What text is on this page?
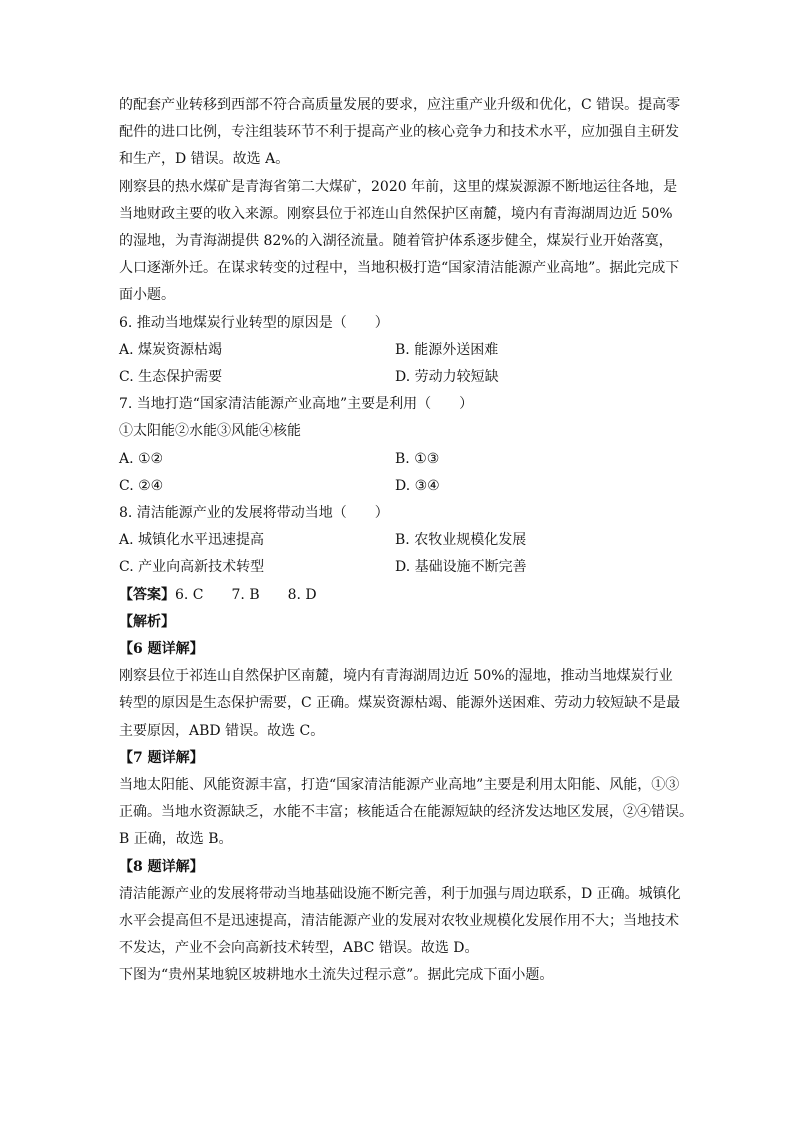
的配套产业转移到西部不符合高质量发展的要求，应注重产业升级和优化，C 错误。提高零
配件的进口比例，专注组装环节不利于提高产业的核心竞争力和技术水平，应加强自主研发
和生产，D 错误。故选 A。
刚察县的热水煤矿是青海省第二大煤矿，2020 年前，这里的煤炭源源不断地运往各地，是
当地财政主要的收入来源。刚察县位于祁连山自然保护区南麓，境内有青海湖周边近 50%
的湿地，为青海湖提供 82%的入湖径流量。随着管护体系逐步健全，煤炭行业开始落寞，
人口逐渐外迁。在谋求转变的过程中，当地积极打造“国家清洁能源产业高地”。据此完成下
面小题。
6. 推动当地煤炭行业转型的原因是（　　）
A. 煤炭资源枯竭	B. 能源外送困难
C. 生态保护需要	D. 劳动力较短缺
7. 当地打造“国家清洁能源产业高地”主要是利用（　　）
①太阳能②水能③风能④核能
A. ①②	B. ①③
C. ②④	D. ③④
8. 清洁能源产业的发展将带动当地（　　）
A. 城镇化水平迅速提高	B. 农牧业规模化发展
C. 产业向高新技术转型	D. 基础设施不断完善
【答案】6. C　　7. B　　8. D
【解析】
【6 题详解】
刚察县位于祁连山自然保护区南麓，境内有青海湖周边近 50%的湿地，推动当地煤炭行业
转型的原因是生态保护需要，C 正确。煤炭资源枯竭、能源外送困难、劳动力较短缺不是最
主要原因，ABD 错误。故选 C。
【7 题详解】
当地太阳能、风能资源丰富，打造“国家清洁能源产业高地”主要是利用太阳能、风能，①③
正确。当地水资源缺乏，水能不丰富；核能适合在能源短缺的经济发达地区发展，②④错误。
B 正确，故选 B。
【8 题详解】
清洁能源产业的发展将带动当地基础设施不断完善，利于加强与周边联系，D 正确。城镇化
水平会提高但不是迅速提高，清洁能源产业的发展对农牧业规模化发展作用不大；当地技术
不发达，产业不会向高新技术转型，ABC 错误。故选 D。
下图为“贵州某地貌区坡耕地水土流失过程示意”。据此完成下面小题。
